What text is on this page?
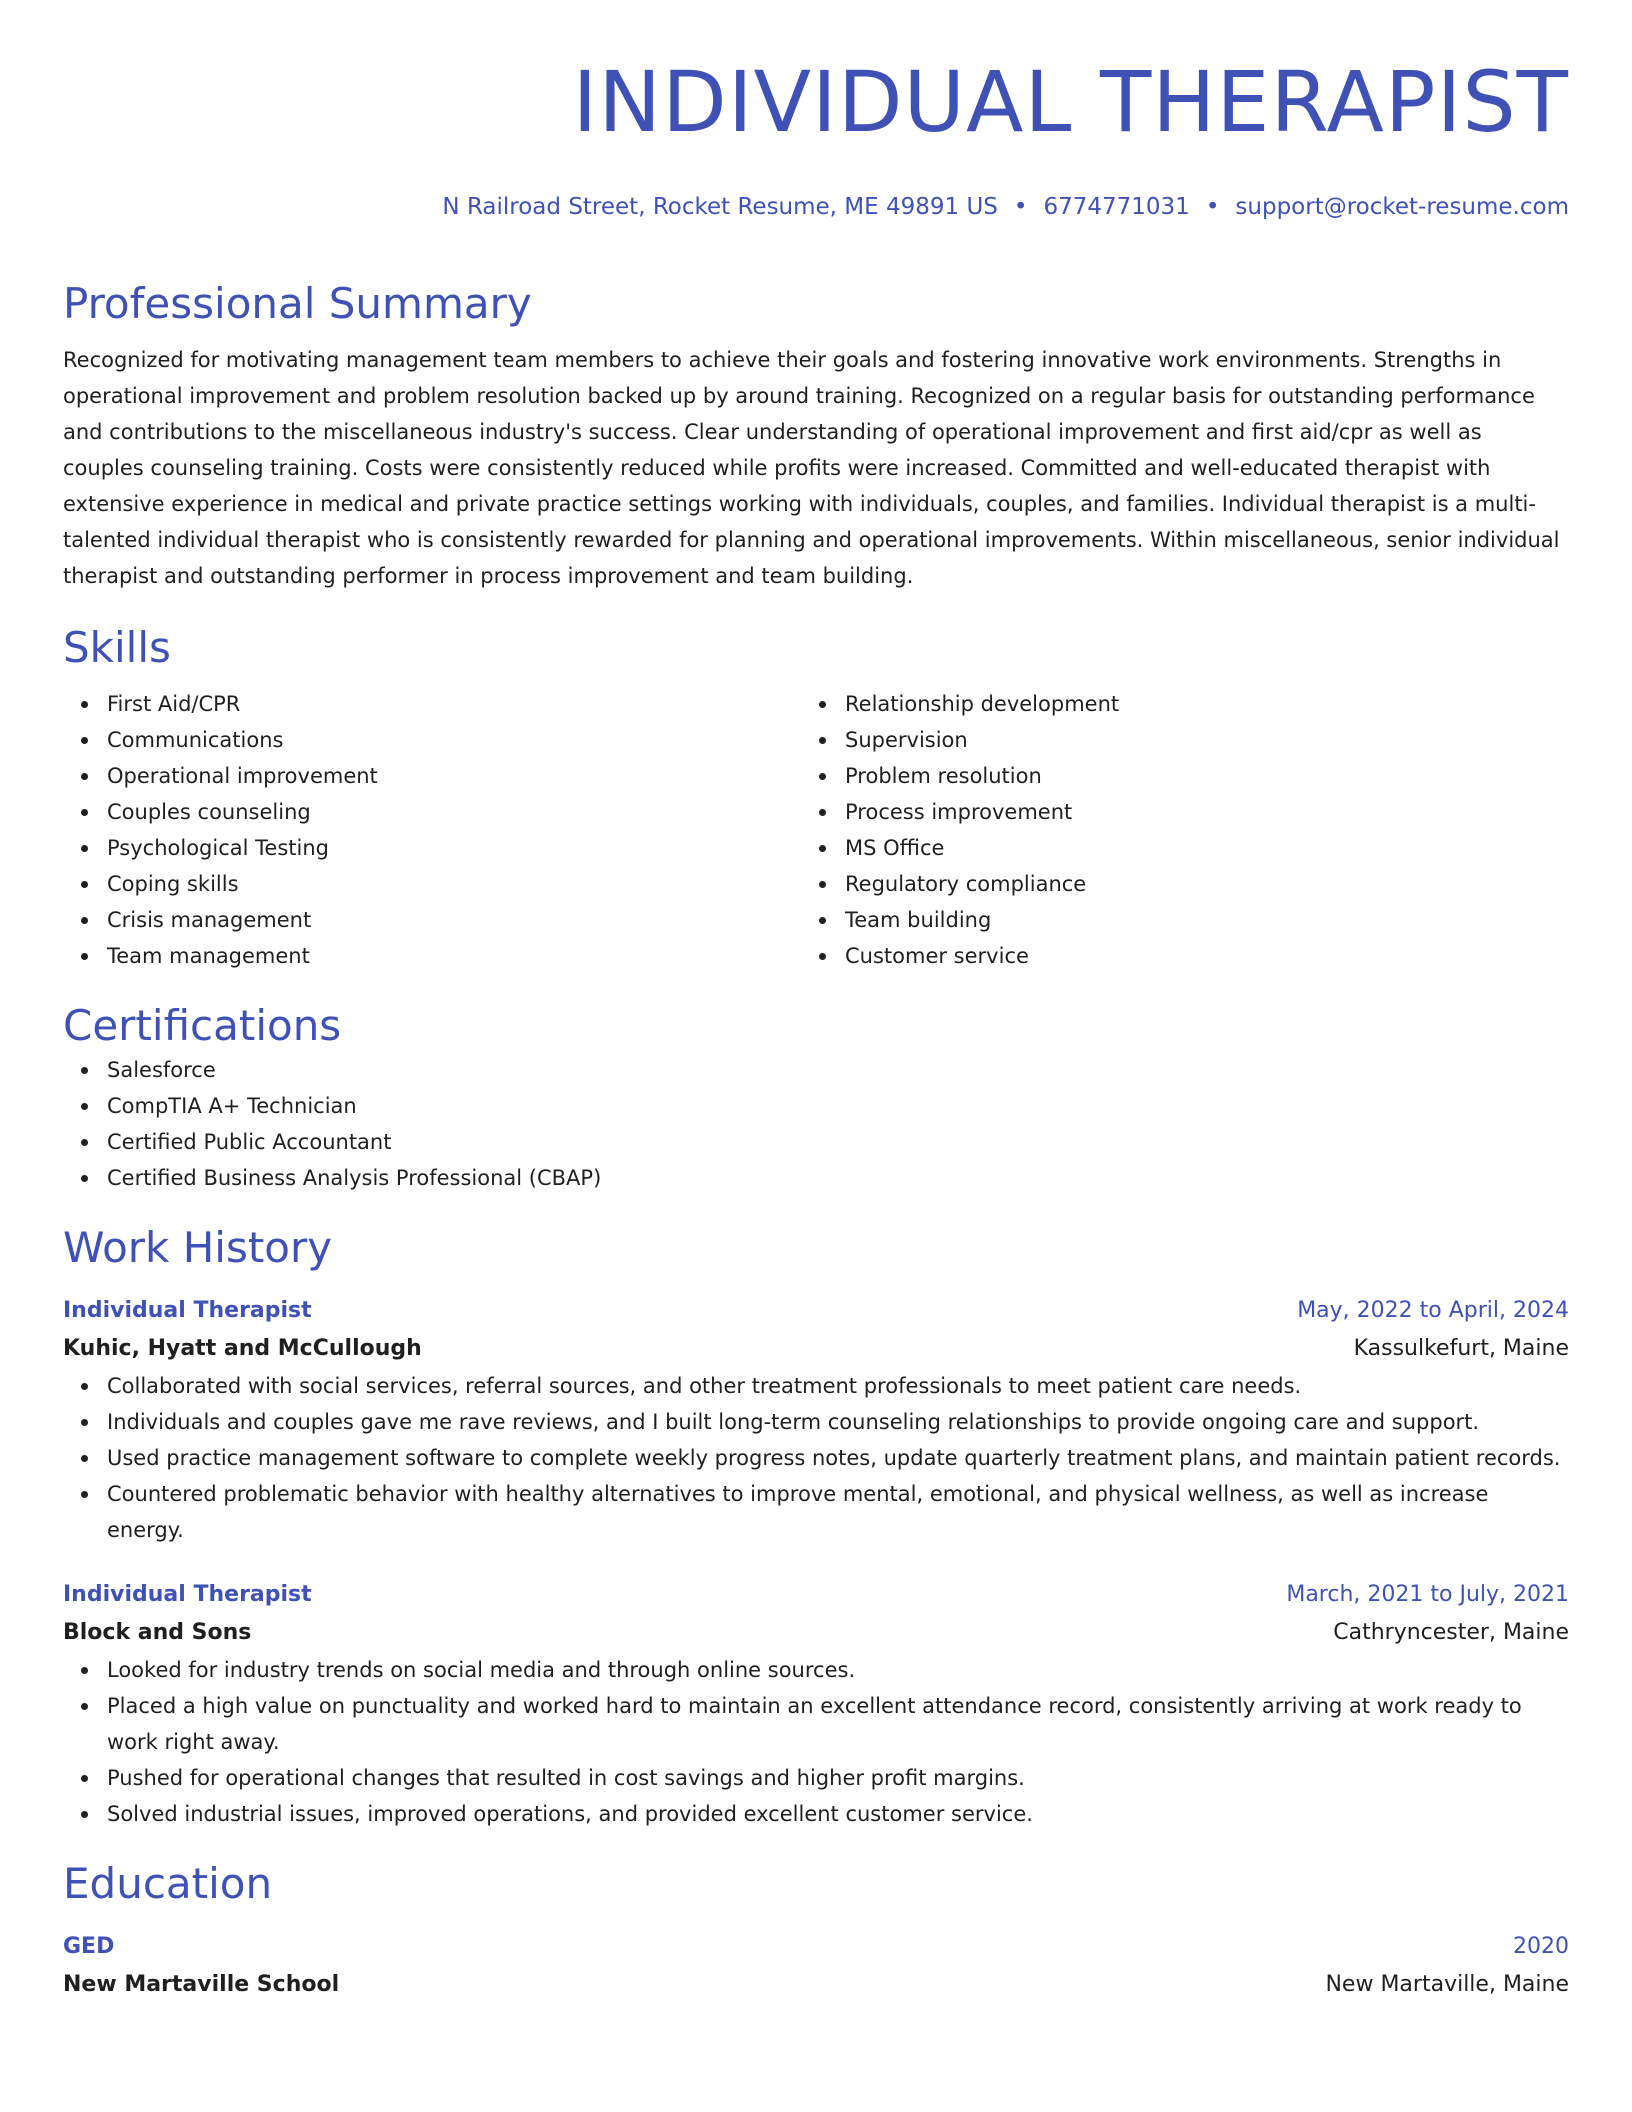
INDIVIDUAL THERAPIST
N Railroad Street, Rocket Resume, ME 49891 US • 6774771031 • support@rocket-resume.com
Professional Summary
Recognized for motivating management team members to achieve their goals and fostering innovative work environments. Strengths in operational improvement and problem resolution backed up by around training. Recognized on a regular basis for outstanding performance and contributions to the miscellaneous industry's success. Clear understanding of operational improvement and first aid/cpr as well as couples counseling training. Costs were consistently reduced while profits were increased. Committed and well-educated therapist with extensive experience in medical and private practice settings working with individuals, couples, and families. Individual therapist is a multi-talented individual therapist who is consistently rewarded for planning and operational improvements. Within miscellaneous, senior individual therapist and outstanding performer in process improvement and team building.
Skills
First Aid/CPR
Communications
Operational improvement
Couples counseling
Psychological Testing
Coping skills
Crisis management
Team management
Relationship development
Supervision
Problem resolution
Process improvement
MS Office
Regulatory compliance
Team building
Customer service
Certifications
Salesforce
CompTIA A+ Technician
Certified Public Accountant
Certified Business Analysis Professional (CBAP)
Work History
Individual Therapist	May, 2022 to April, 2024
Kuhic, Hyatt and McCullough	Kassulkefurt, Maine
Collaborated with social services, referral sources, and other treatment professionals to meet patient care needs.
Individuals and couples gave me rave reviews, and I built long-term counseling relationships to provide ongoing care and support.
Used practice management software to complete weekly progress notes, update quarterly treatment plans, and maintain patient records.
Countered problematic behavior with healthy alternatives to improve mental, emotional, and physical wellness, as well as increase energy.
Individual Therapist	March, 2021 to July, 2021
Block and Sons	Cathryncester, Maine
Looked for industry trends on social media and through online sources.
Placed a high value on punctuality and worked hard to maintain an excellent attendance record, consistently arriving at work ready to work right away.
Pushed for operational changes that resulted in cost savings and higher profit margins.
Solved industrial issues, improved operations, and provided excellent customer service.
Education
GED	2020
New Martaville School	New Martaville, Maine
